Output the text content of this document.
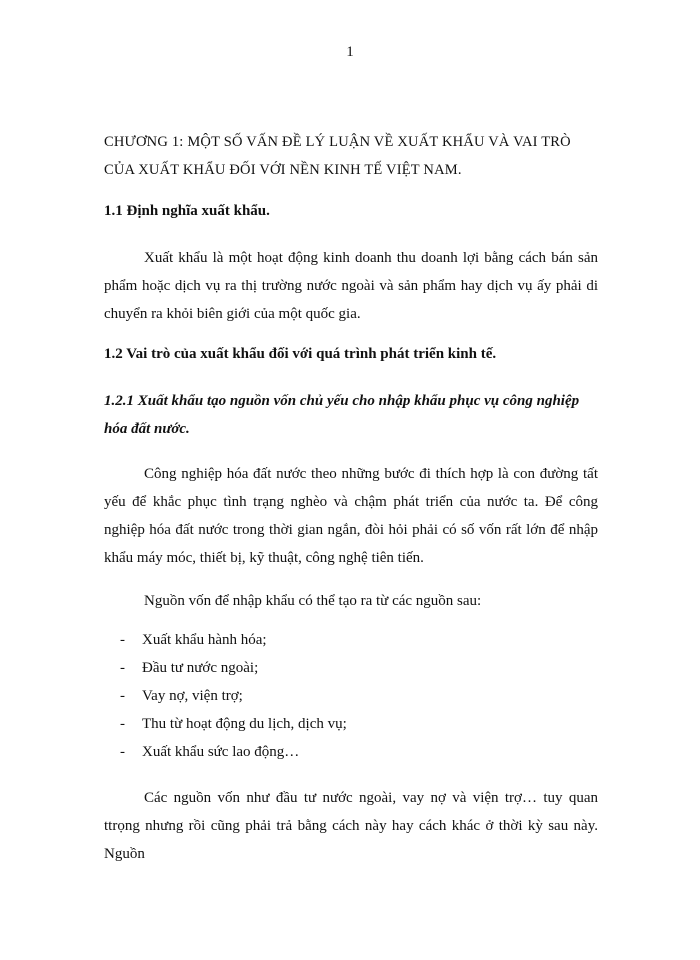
1
CHƯƠNG 1: MỘT SỐ VẤN ĐỀ LÝ LUẬN VỀ XUẤT KHẨU VÀ VAI TRÒ CỦA XUẤT KHẨU ĐỐI VỚI NỀN KINH TẾ VIỆT NAM.
1.1 Định nghĩa xuất khẩu.

Xuất khẩu là một hoạt động kinh doanh thu doanh lợi bằng cách bán sản phẩm hoặc dịch vụ ra thị trường nước ngoài và sản phẩm hay dịch vụ ấy phải di chuyển ra khỏi biên giới của một quốc gia.

1.2 Vai trò của xuất khẩu đối với quá trình phát triển kinh tế.
1.2.1 Xuất khẩu tạo nguồn vốn chủ yếu cho nhập khẩu phục vụ công nghiệp hóa đất nước.

Công nghiệp hóa đất nước theo những bước đi thích hợp là con đường tất yếu để khắc phục tình trạng nghèo và chậm phát triển của nước ta. Để công nghiệp hóa đất nước trong thời gian ngắn, đòi hỏi phải có số vốn rất lớn để nhập khẩu máy móc, thiết bị, kỹ thuật, công nghệ tiên tiến.

Nguồn vốn để nhập khẩu có thể tạo ra từ các nguồn sau:

-	Xuất khẩu hành hóa;
-	Đầu tư nước ngoài;
-	Vay nợ, viện trợ;
-	Thu từ hoạt động du lịch, dịch vụ;
-	Xuất khẩu sức lao động…

Các nguồn vốn như đầu tư nước ngoài, vay nợ và viện trợ… tuy quan ttrọng nhưng rồi cũng phải trả bằng cách này hay cách khác ở thời kỳ sau này. Nguồn
